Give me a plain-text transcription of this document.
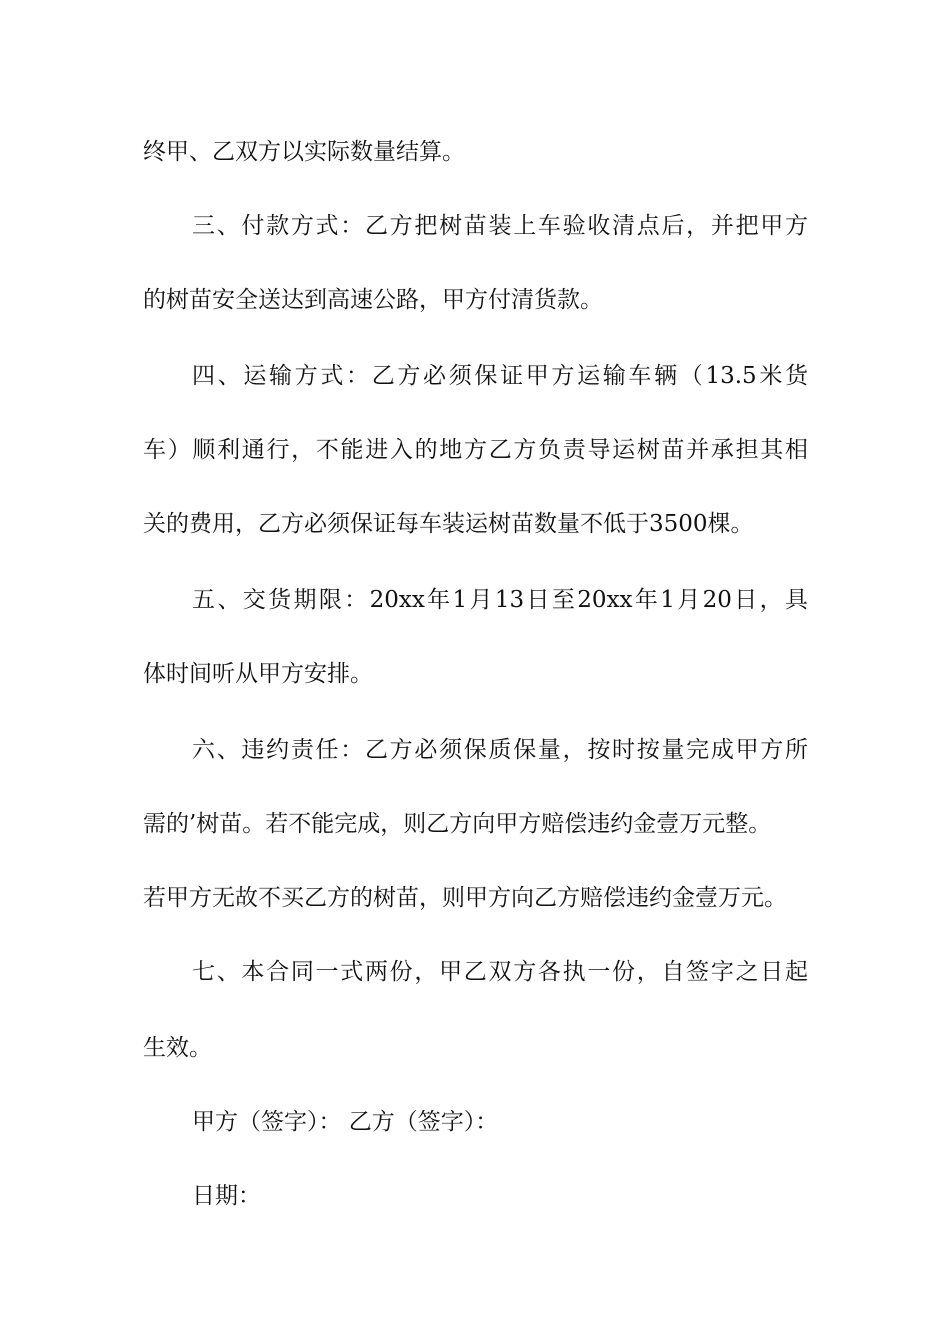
终甲、乙双方以实际数量结算。
三、付款方式：乙方把树苗装上车验收清点后，并把甲方
的树苗安全送达到高速公路，甲方付清货款。
四、运输方式：乙方必须保证甲方运输车辆（13.5米货
车）顺利通行，不能进入的地方乙方负责导运树苗并承担其相
关的费用，乙方必须保证每车装运树苗数量不低于3500棵。
五、交货期限：20xx年1月13日至20xx年1月20日，具
体时间听从甲方安排。
六、违约责任：乙方必须保质保量，按时按量完成甲方所
需的’树苗。若不能完成，则乙方向甲方赔偿违约金壹万元整。
若甲方无故不买乙方的树苗，则甲方向乙方赔偿违约金壹万元。
七、本合同一式两份，甲乙双方各执一份，自签字之日起
生效。
甲方（签字）： 乙方（签字）：
日期：
